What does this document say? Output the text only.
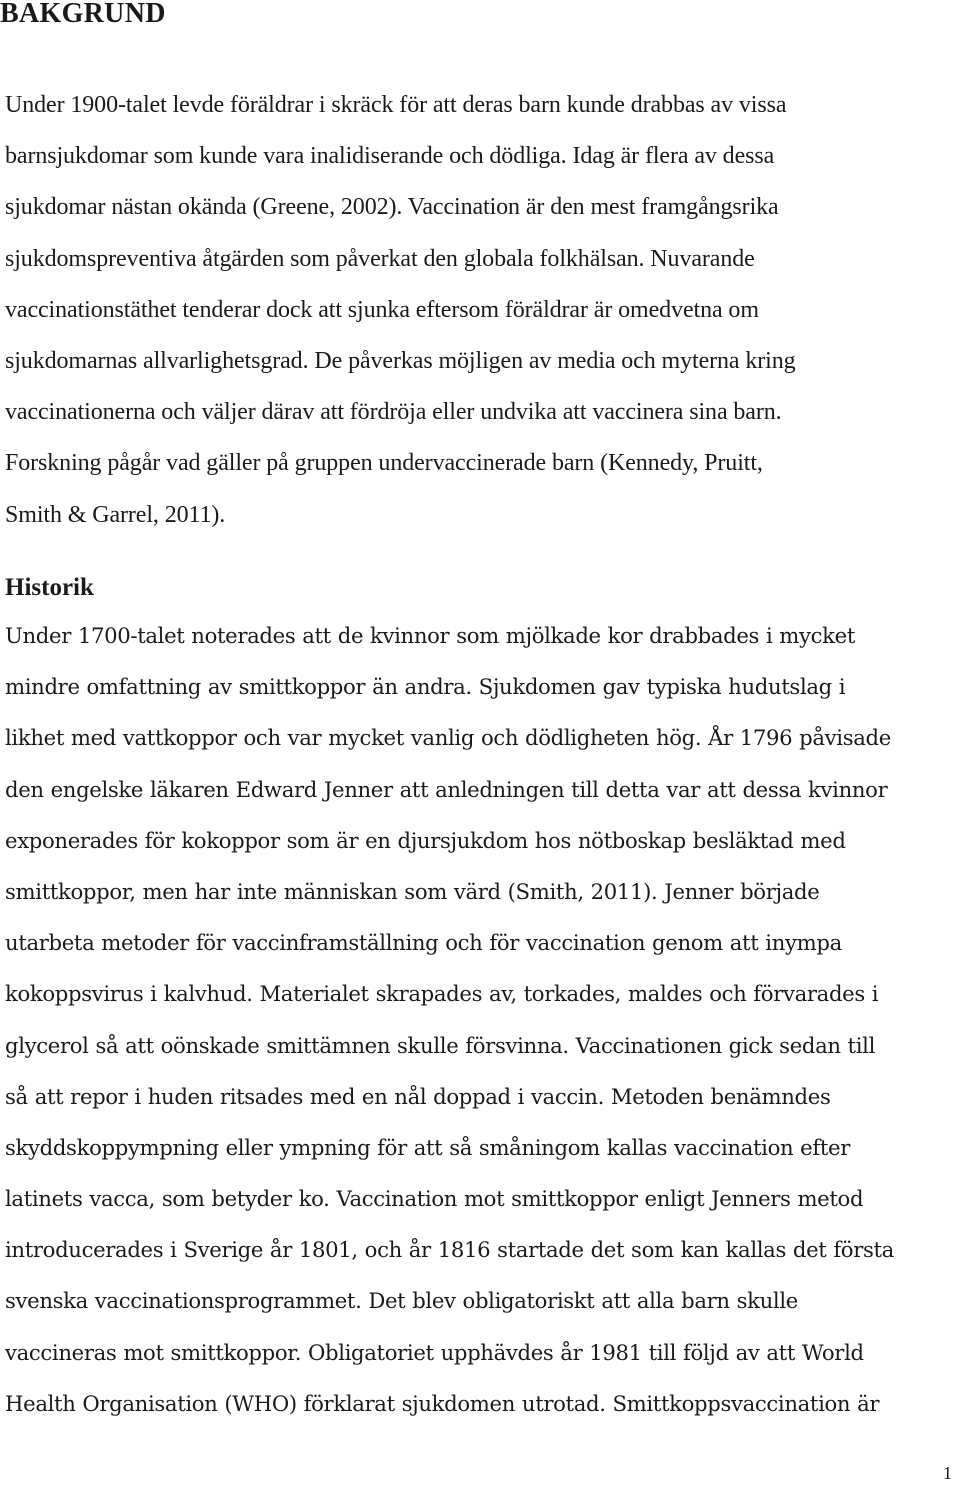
BAKGRUND
Under 1900-talet levde föräldrar i skräck för att deras barn kunde drabbas av vissa
barnsjukdomar som kunde vara inalidiserande och dödliga. Idag är flera av dessa
sjukdomar nästan okända (Greene, 2002). Vaccination är den mest framgångsrika
sjukdomspreventiva åtgärden som påverkat den globala folkhälsan. Nuvarande
vaccinationstäthet tenderar dock att sjunka eftersom föräldrar är omedvetna om
sjukdomarnas allvarlighetsgrad. De påverkas möjligen av media och myterna kring
vaccinationerna och väljer därav att fördröja eller undvika att vaccinera sina barn.
Forskning pågår vad gäller på gruppen undervaccinerade barn (Kennedy, Pruitt,
Smith & Garrel, 2011).
Historik
Under 1700-talet noterades att de kvinnor som mjölkade kor drabbades i mycket
mindre omfattning av smittkoppor än andra. Sjukdomen gav typiska hudutslag i
likhet med vattkoppor och var mycket vanlig och dödligheten hög. År 1796 påvisade
den engelske läkaren Edward Jenner att anledningen till detta var att dessa kvinnor
exponerades för kokoppor som är en djursjukdom hos nötboskap besläktad med
smittkoppor, men har inte människan som värd (Smith, 2011). Jenner började
utarbeta metoder för vaccinframställning och för vaccination genom att inympa
kokoppsvirus i kalvhud. Materialet skrapades av, torkades, maldes och förvarades i
glycerol så att oönskade smittämnen skulle försvinna. Vaccinationen gick sedan till
så att repor i huden ritsades med en nål doppad i vaccin. Metoden benämndes
skyddskoppympning eller ympning för att så småningom kallas vaccination efter
latinets vacca, som betyder ko. Vaccination mot smittkoppor enligt Jenners metod
introducerades i Sverige år 1801, och år 1816 startade det som kan kallas det första
svenska vaccinationsprogrammet. Det blev obligatoriskt att alla barn skulle
vaccineras mot smittkoppor. Obligatoriet upphävdes år 1981 till följd av att World
Health Organisation (WHO) förklarat sjukdomen utrotad. Smittkoppsvaccination är
1
